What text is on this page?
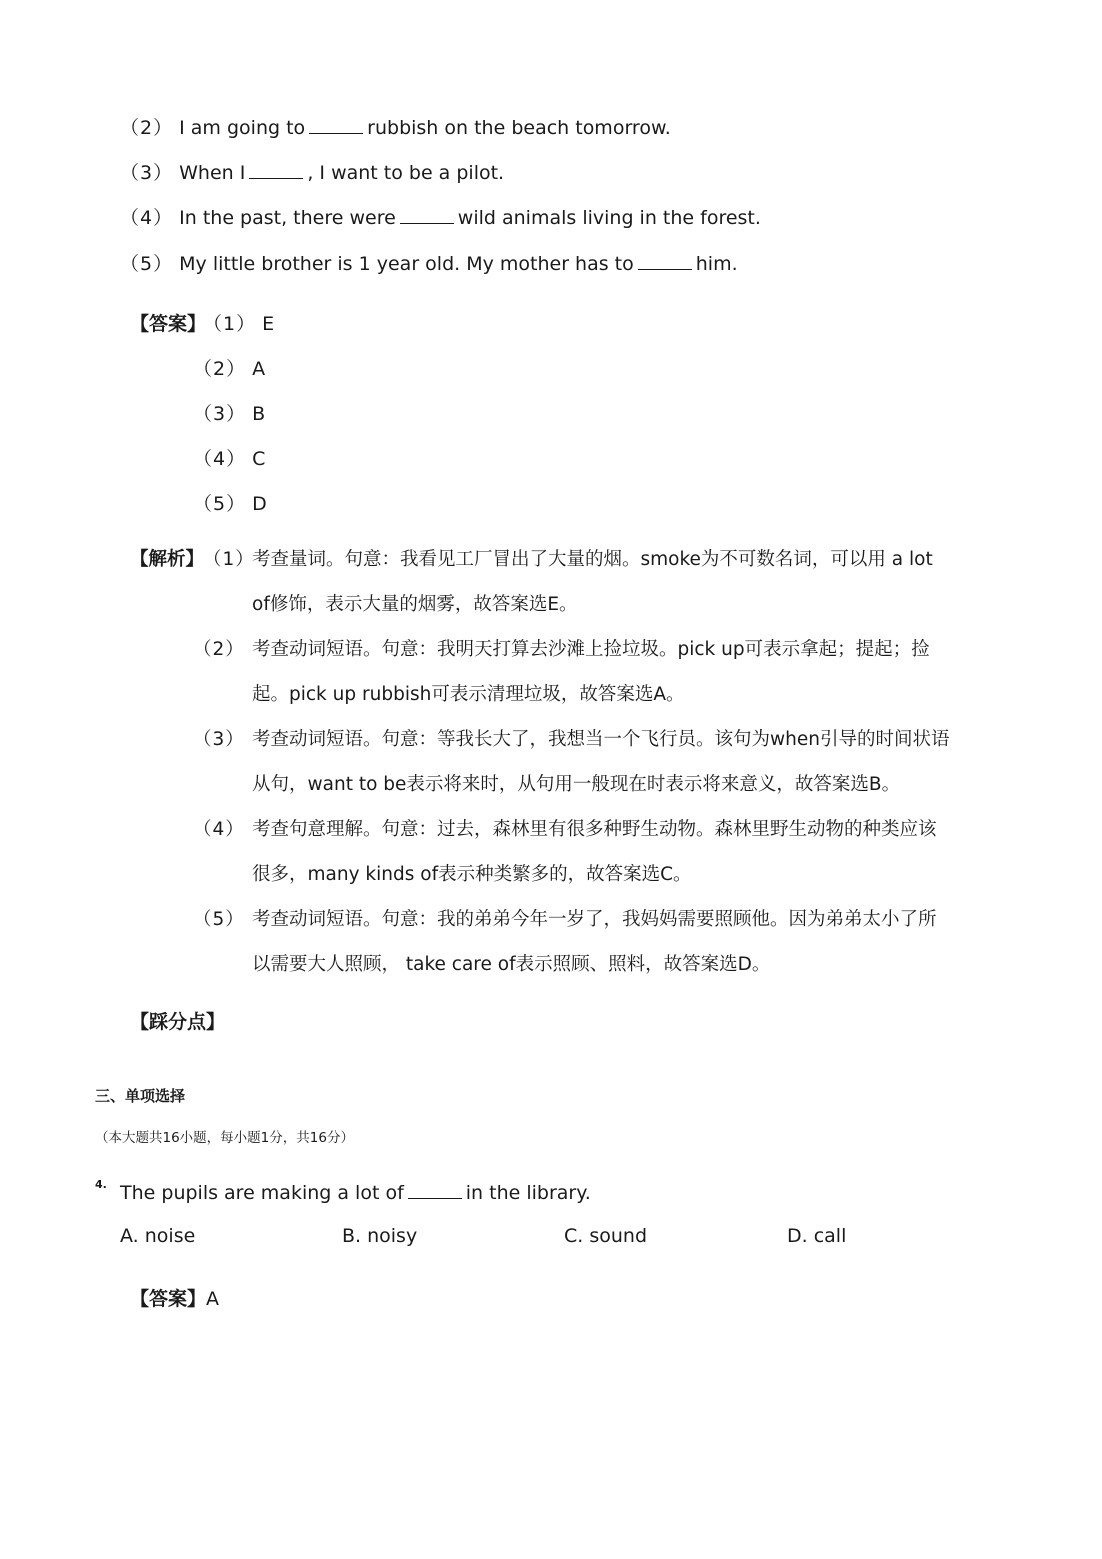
（2） I am going to	rubbish on the beach tomorrow.
（3） When I	, I want to be a pilot.
（4） In the past, there were	wild animals living in the forest.
（5） My little brother is 1 year old. My mother has to	him.
【答案】
（1） E
（2） A
（3） B
（4） C
（5） D
【解析】
（1）
考查量词。句意：我看见工厂冒出了大量的烟。smoke为不可数名词，可以用 a lot
of修饰，表示大量的烟雾，故答案选E。
（2） 考查动词短语。句意：我明天打算去沙滩上捡垃圾。pick up可表示拿起；提起；捡
起。pick up rubbish可表示清理垃圾，故答案选A。
（3） 考查动词短语。句意：等我长大了，我想当一个飞行员。该句为when引导的时间状语
从句，want to be表示将来时，从句用一般现在时表示将来意义，故答案选B。
（4） 考查句意理解。句意：过去，森林里有很多种野生动物。森林里野生动物的种类应该
很多，many kinds of表示种类繁多的，故答案选C。
（5） 考查动词短语。句意：我的弟弟今年一岁了，我妈妈需要照顾他。因为弟弟太小了所
以需要大人照顾， take care of表示照顾、照料，故答案选D。
【踩分点】
三、单项选择
（本大题共16小题，每小题1分，共16分）
4. The pupils are making a lot of	in the library.
A. noise	B. noisy	C. sound	D. call
【答案】A
